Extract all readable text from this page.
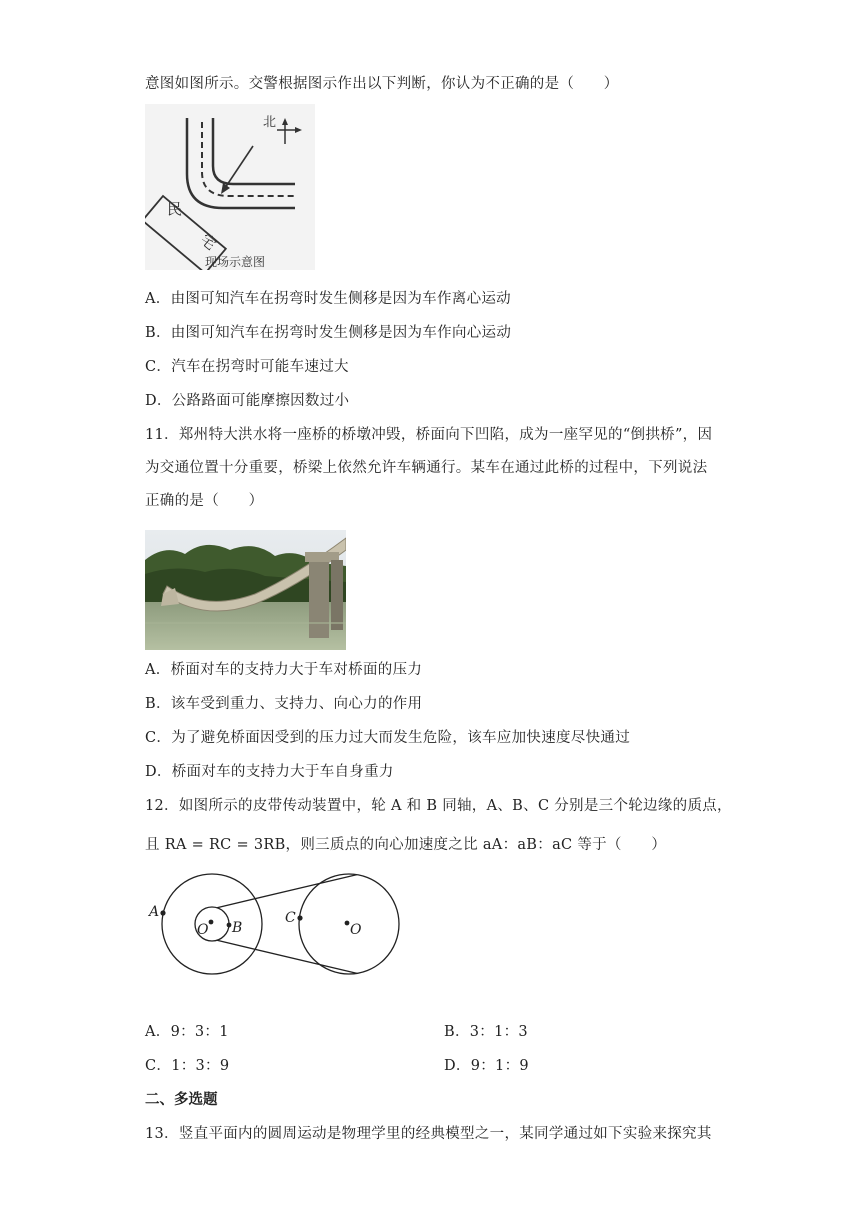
意图如图所示。交警根据图示作出以下判断，你认为不正确的是（　　）
北
民
宅
现场示意图
A．由图可知汽车在拐弯时发生侧移是因为车作离心运动
B．由图可知汽车在拐弯时发生侧移是因为车作向心运动
C．汽车在拐弯时可能车速过大
D．公路路面可能摩擦因数过小
11．郑州特大洪水将一座桥的桥墩冲毁，桥面向下凹陷，成为一座罕见的“倒拱桥”，因
为交通位置十分重要，桥梁上依然允许车辆通行。某车在通过此桥的过程中，下列说法
正确的是（　　）
A．桥面对车的支持力大于车对桥面的压力
B．该车受到重力、支持力、向心力的作用
C．为了避免桥面因受到的压力过大而发生危险，该车应加快速度尽快通过
D．桥面对车的支持力大于车自身重力
12．如图所示的皮带传动装置中，轮 A 和 B 同轴，A、B、C 分别是三个轮边缘的质点，
且 RA = RC = 3RB，则三质点的向心加速度之比 aA：aB：aC 等于（　　）
A
B
O
C
O
A．9：3：1	B．3：1：3
C．1：3：9	D．9：1：9
二、多选题
13．竖直平面内的圆周运动是物理学里的经典模型之一，某同学通过如下实验来探究其
